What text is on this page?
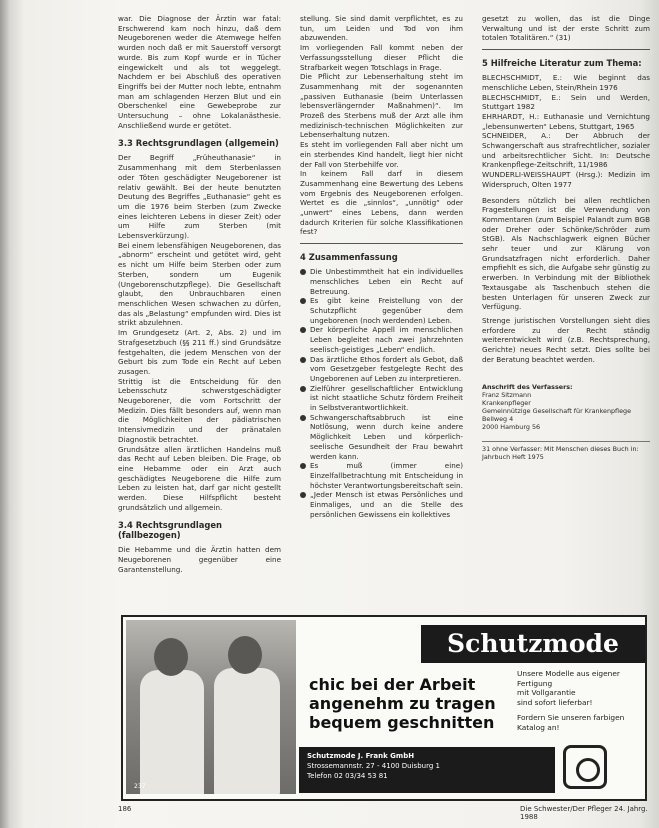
war. Die Diagnose der Ärztin war fatal: Erschwerend kam noch hinzu, daß dem Neugeborenen weder die Atemwege helfen wurden noch daß er mit Sauerstoff versorgt wurde. Bis zum Kopf wurde er in Tücher eingewickelt und als tot weggelegt. Nachdem er bei Abschluß des operativen Eingriffs bei der Mutter noch lebte, entnahm man am schlagenden Herzen Blut und ein Oberschenkel eine Gewebeprobe zur Untersuchung – ohne Lokalanästhesie. Anschließend wurde er getötet.

3.3 Rechtsgrundlagen (allgemein)

Der Begriff „Früheuthanasie“ in Zusammenhang mit dem Sterbenlassen oder Töten geschädigter Neugeborener ist relativ gewählt. Bei der heute benutzten Deutung des Begriffes „Euthanasie“ geht es um die 1976 beim Sterben (zum Zwecke eines leichteren Lebens in dieser Zeit) oder um Hilfe zum Sterben (mit Lebensverkürzung).

Bei einem lebensfähigen Neugeborenen, das „abnorm“ erscheint und getötet wird, geht es nicht um Hilfe beim Sterben oder zum Sterben, sondern um Eugenik (Ungeborenschutzpflege). Die Gesellschaft glaubt, den Unbrauchbaren einen menschlichen Wesen schwachen zu dürfen, das als „Belastung“ empfunden wird. Dies ist strikt abzulehnen.

Im Grundgesetz (Art. 2, Abs. 2) und im Strafgesetzbuch (§§ 211 ff.) sind Grundsätze festgehalten, die jedem Menschen von der Geburt bis zum Tode ein Recht auf Leben zusagen.

Strittig ist die Entscheidung für den Lebensschutz schwerstgeschädigter Neugeborener, die vom Fortschritt der Medizin. Dies fällt besonders auf, wenn man die Möglichkeiten der pädiatrischen Intensivmedizin und der pränatalen Diagnostik betrachtet.

Grundsätze allen ärztlichen Handelns muß das Recht auf Leben bleiben. Die Frage, ob eine Hebamme oder ein Arzt auch geschädigtes Neugeborene die Hilfe zum Leben zu leisten hat, darf gar nicht gestellt werden. Diese Hilfspflicht besteht grundsätzlich und allgemein.

3.4 Rechtsgrundlagen (fallbezogen)

Die Hebamme und die Ärztin hatten dem Neugeborenen gegenüber eine Garantenstellung.

stellung. Sie sind damit verpflichtet, es zu tun, um Leiden und Tod von ihm abzuwenden.

Im vorliegenden Fall kommt neben der Verfassungsstellung dieser Pflicht die Strafbarkeit wegen Totschlags in Frage.

Die Pflicht zur Lebenserhaltung steht im Zusammenhang mit der sogenannten „passiven Euthanasie (beim Unterlassen lebensverlängernder Maßnahmen)“. Im Prozeß des Sterbens muß der Arzt alle ihm medizinisch-technischen Möglichkeiten zur Lebenserhaltung nutzen.

Es steht im vorliegenden Fall aber nicht um ein sterbendes Kind handelt, liegt hier nicht der Fall von Sterbehilfe vor.

In keinem Fall darf in diesem Zusammenhang eine Bewertung des Lebens vom Ergebnis des Neugeborenen erfolgen. Wertet es die „sinnlos“, „unnötig“ oder „unwert“ eines Lebens, dann werden dadurch Kriterien für solche Klassifikationen fest?

4 Zusammenfassung
Die Unbestimmtheit hat ein individuelles menschliches Leben ein Recht auf Betreuung.
Es gibt keine Freistellung von der Schutzpflicht gegenüber dem ungeborenen (noch werdenden) Leben.
Der körperliche Appell im menschlichen Leben begleitet nach zwei Jahrzehnten seelisch-geistiges „Leben“ endlich.
Das ärztliche Ethos fordert als Gebot, daß vom Gesetzgeber festgelegte Recht des Ungeborenen auf Leben zu interpretieren.
Zielführer gesellschaftlicher Entwicklung ist nicht staatliche Schutz fördern Freiheit in Selbstverantwortlichkeit.
Schwangerschaftsabbruch ist eine Notlösung, wenn durch keine andere Möglichkeit Leben und körperlich-seelische Gesundheit der Frau bewahrt werden kann.
Es muß (immer eine) Einzelfallbetrachtung mit Entscheidung in höchster Verantwortungsbereitschaft sein.
„Jeder Mensch ist etwas Persönliches und Einmaliges, und an die Stelle des persönlichen Gewissens ein kollektives

gesetzt zu wollen, das ist die Dinge Verwaltung und ist der erste Schritt zum totalen Totalitären.“ (31)

5 Hilfreiche Literatur zum Thema:

BLECHSCHMIDT, E.: Wie beginnt das menschliche Leben, Stein/Rhein 1976

BLECHSCHMIDT, E.: Sein und Werden, Stuttgart 1982

EHRHARDT, H.: Euthanasie und Vernichtung „lebensunwerten“ Lebens, Stuttgart, 1965

SCHNEIDER, A.: Der Abbruch der Schwangerschaft aus strafrechtlicher, sozialer und arbeitsrechtlicher Sicht. In: Deutsche Krankenpflege-Zeitschrift, 11/1986

WUNDERLI-WEISSHAUPT (Hrsg.): Medizin im Widerspruch, Olten 1977

Besonders nützlich bei allen rechtlichen Fragestellungen ist die Verwendung von Kommentaren (zum Beispiel Palandt zum BGB oder Dreher oder Schönke/Schröder zum StGB). Als Nachschlagwerk eignen Bücher sehr teuer und zur Klärung von Grundsatzfragen nicht erforderlich. Daher empfiehlt es sich, die Aufgabe sehr günstig zu erwerben. In Verbindung mit der Bibliothek Textausgabe als Taschenbuch stehen die besten Unterlagen für unseren Zweck zur Verfügung.

Strenge juristischen Vorstellungen sieht dies erfordere zu der Recht ständig weiterentwickelt wird (z.B. Rechtsprechung, Gerichte) neues Recht setzt. Dies sollte bei der Beratung beachtet werden.

Anschrift des Verfassers:
Franz Sitzmann
Krankenpfleger
Gemeinnützige Gesellschaft für Krankenpflege
Bellweg 4
2000 Hamburg 56
31 ohne Verfasser: Mit Menschen dieses Buch in: Jahrbuch Heft 1975
237
Schutzmode
chic bei der Arbeit
angenehm zu tragen
bequem geschnitten
Unsere Modelle aus eigener Fertigung
mit Vollgarantie
sind sofort lieferbar!
Fordern Sie unseren farbigen Katalog an!
Schutzmode J. Frank GmbH
Strossemannstr. 27 - 4100 Duisburg 1
Telefon 02 03/34 53 81
186	Die Schwester/Der Pfleger 24. Jahrg. 1988
